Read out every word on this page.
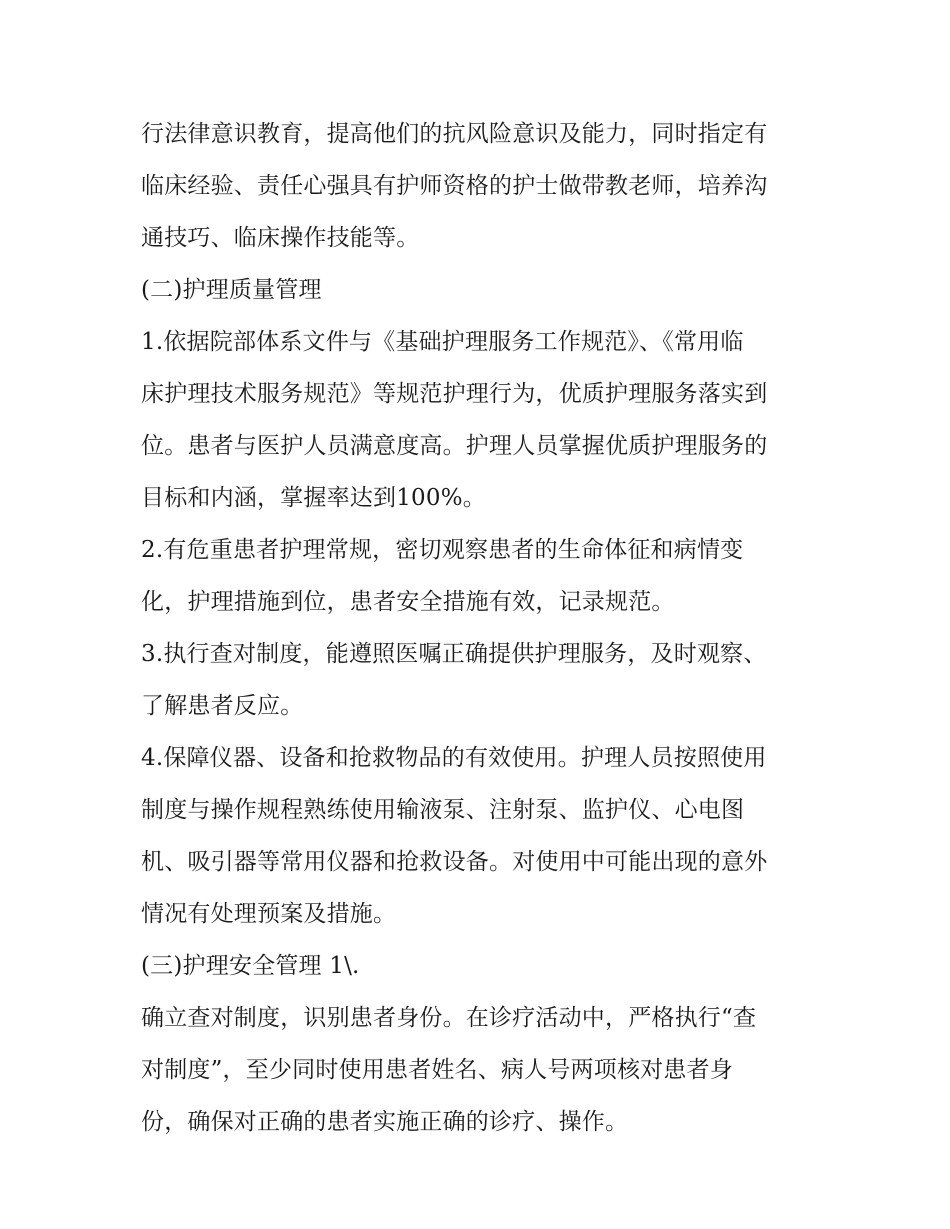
行法律意识教育，提高他们的抗风险意识及能力，同时指定有
临床经验、责任心强具有护师资格的护士做带教老师，培养沟
通技巧、临床操作技能等。
(二)护理质量管理
1.依据院部体系文件与《基础护理服务工作规范》、《常用临
床护理技术服务规范》等规范护理行为，优质护理服务落实到
位。患者与医护人员满意度高。护理人员掌握优质护理服务的
目标和内涵，掌握率达到100%。
2.有危重患者护理常规，密切观察患者的生命体征和病情变
化，护理措施到位，患者安全措施有效，记录规范。
3.执行查对制度，能遵照医嘱正确提供护理服务，及时观察、
了解患者反应。
4.保障仪器、设备和抢救物品的有效使用。护理人员按照使用
制度与操作规程熟练使用输液泵、注射泵、监护仪、心电图
机、吸引器等常用仪器和抢救设备。对使用中可能出现的意外
情况有处理预案及措施。
(三)护理安全管理 1\.
确立查对制度，识别患者身份。在诊疗活动中，严格执行“查
对制度”，至少同时使用患者姓名、病人号两项核对患者身
份，确保对正确的患者实施正确的诊疗、操作。
